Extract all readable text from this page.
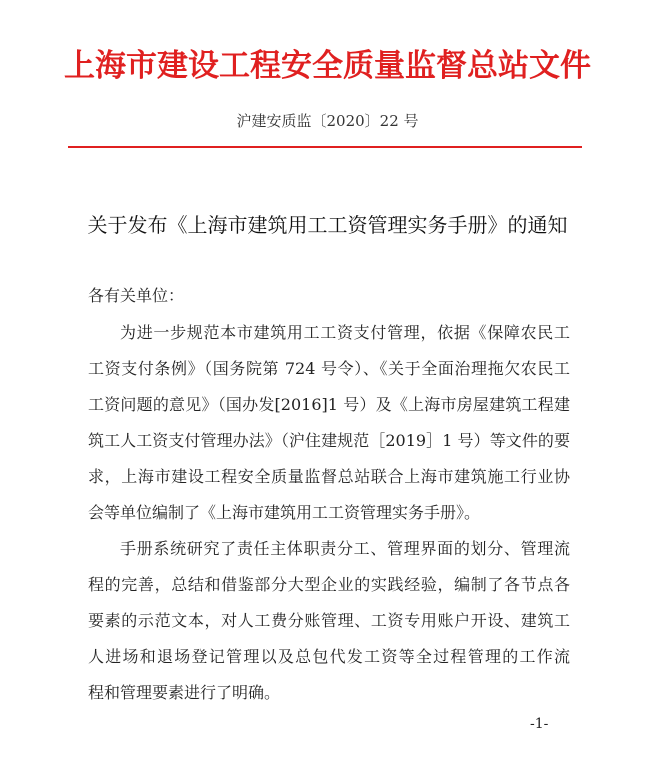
上海市建设工程安全质量监督总站文件
沪建安质监〔2020〕22 号
关于发布《上海市建筑用工工资管理实务手册》的通知
各有关单位：
为进一步规范本市建筑用工工资支付管理，依据《保障农民工
工资支付条例》（国务院第 724 号令）、《关于全面治理拖欠农民工
工资问题的意见》（国办发[2016]1 号）及《上海市房屋建筑工程建
筑工人工资支付管理办法》（沪住建规范［2019］1 号）等文件的要
求，上海市建设工程安全质量监督总站联合上海市建筑施工行业协
会等单位编制了《上海市建筑用工工资管理实务手册》。
手册系统研究了责任主体职责分工、管理界面的划分、管理流
程的完善，总结和借鉴部分大型企业的实践经验，编制了各节点各
要素的示范文本，对人工费分账管理、工资专用账户开设、建筑工
人进场和退场登记管理以及总包代发工资等全过程管理的工作流
程和管理要素进行了明确。
-1-
